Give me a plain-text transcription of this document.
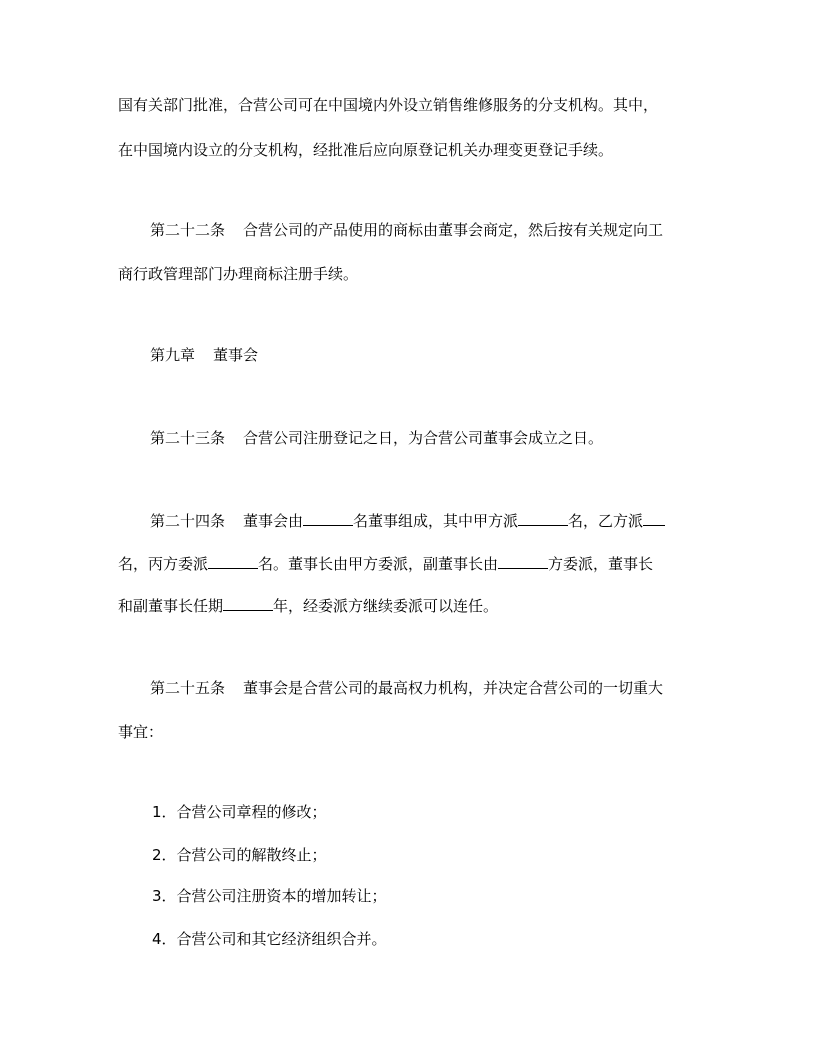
国有关部门批准，合营公司可在中国境内外设立销售维修服务的分支机构。其中，
在中国境内设立的分支机构，经批准后应向原登记机关办理变更登记手续。
第二十二条 合营公司的产品使用的商标由董事会商定，然后按有关规定向工
商行政管理部门办理商标注册手续。
第九章 董事会
第二十三条 合营公司注册登记之日，为合营公司董事会成立之日。
第二十四条 董事会由	名董事组成，其中甲方派	名，乙方派
名，丙方委派	名。董事长由甲方委派，副董事长由	方委派，董事长
和副董事长任期	年，经委派方继续委派可以连任。
第二十五条 董事会是合营公司的最高权力机构，并决定合营公司的一切重大
事宜：
1．合营公司章程的修改；
2．合营公司的解散终止；
3．合营公司注册资本的增加转让；
4．合营公司和其它经济组织合并。
